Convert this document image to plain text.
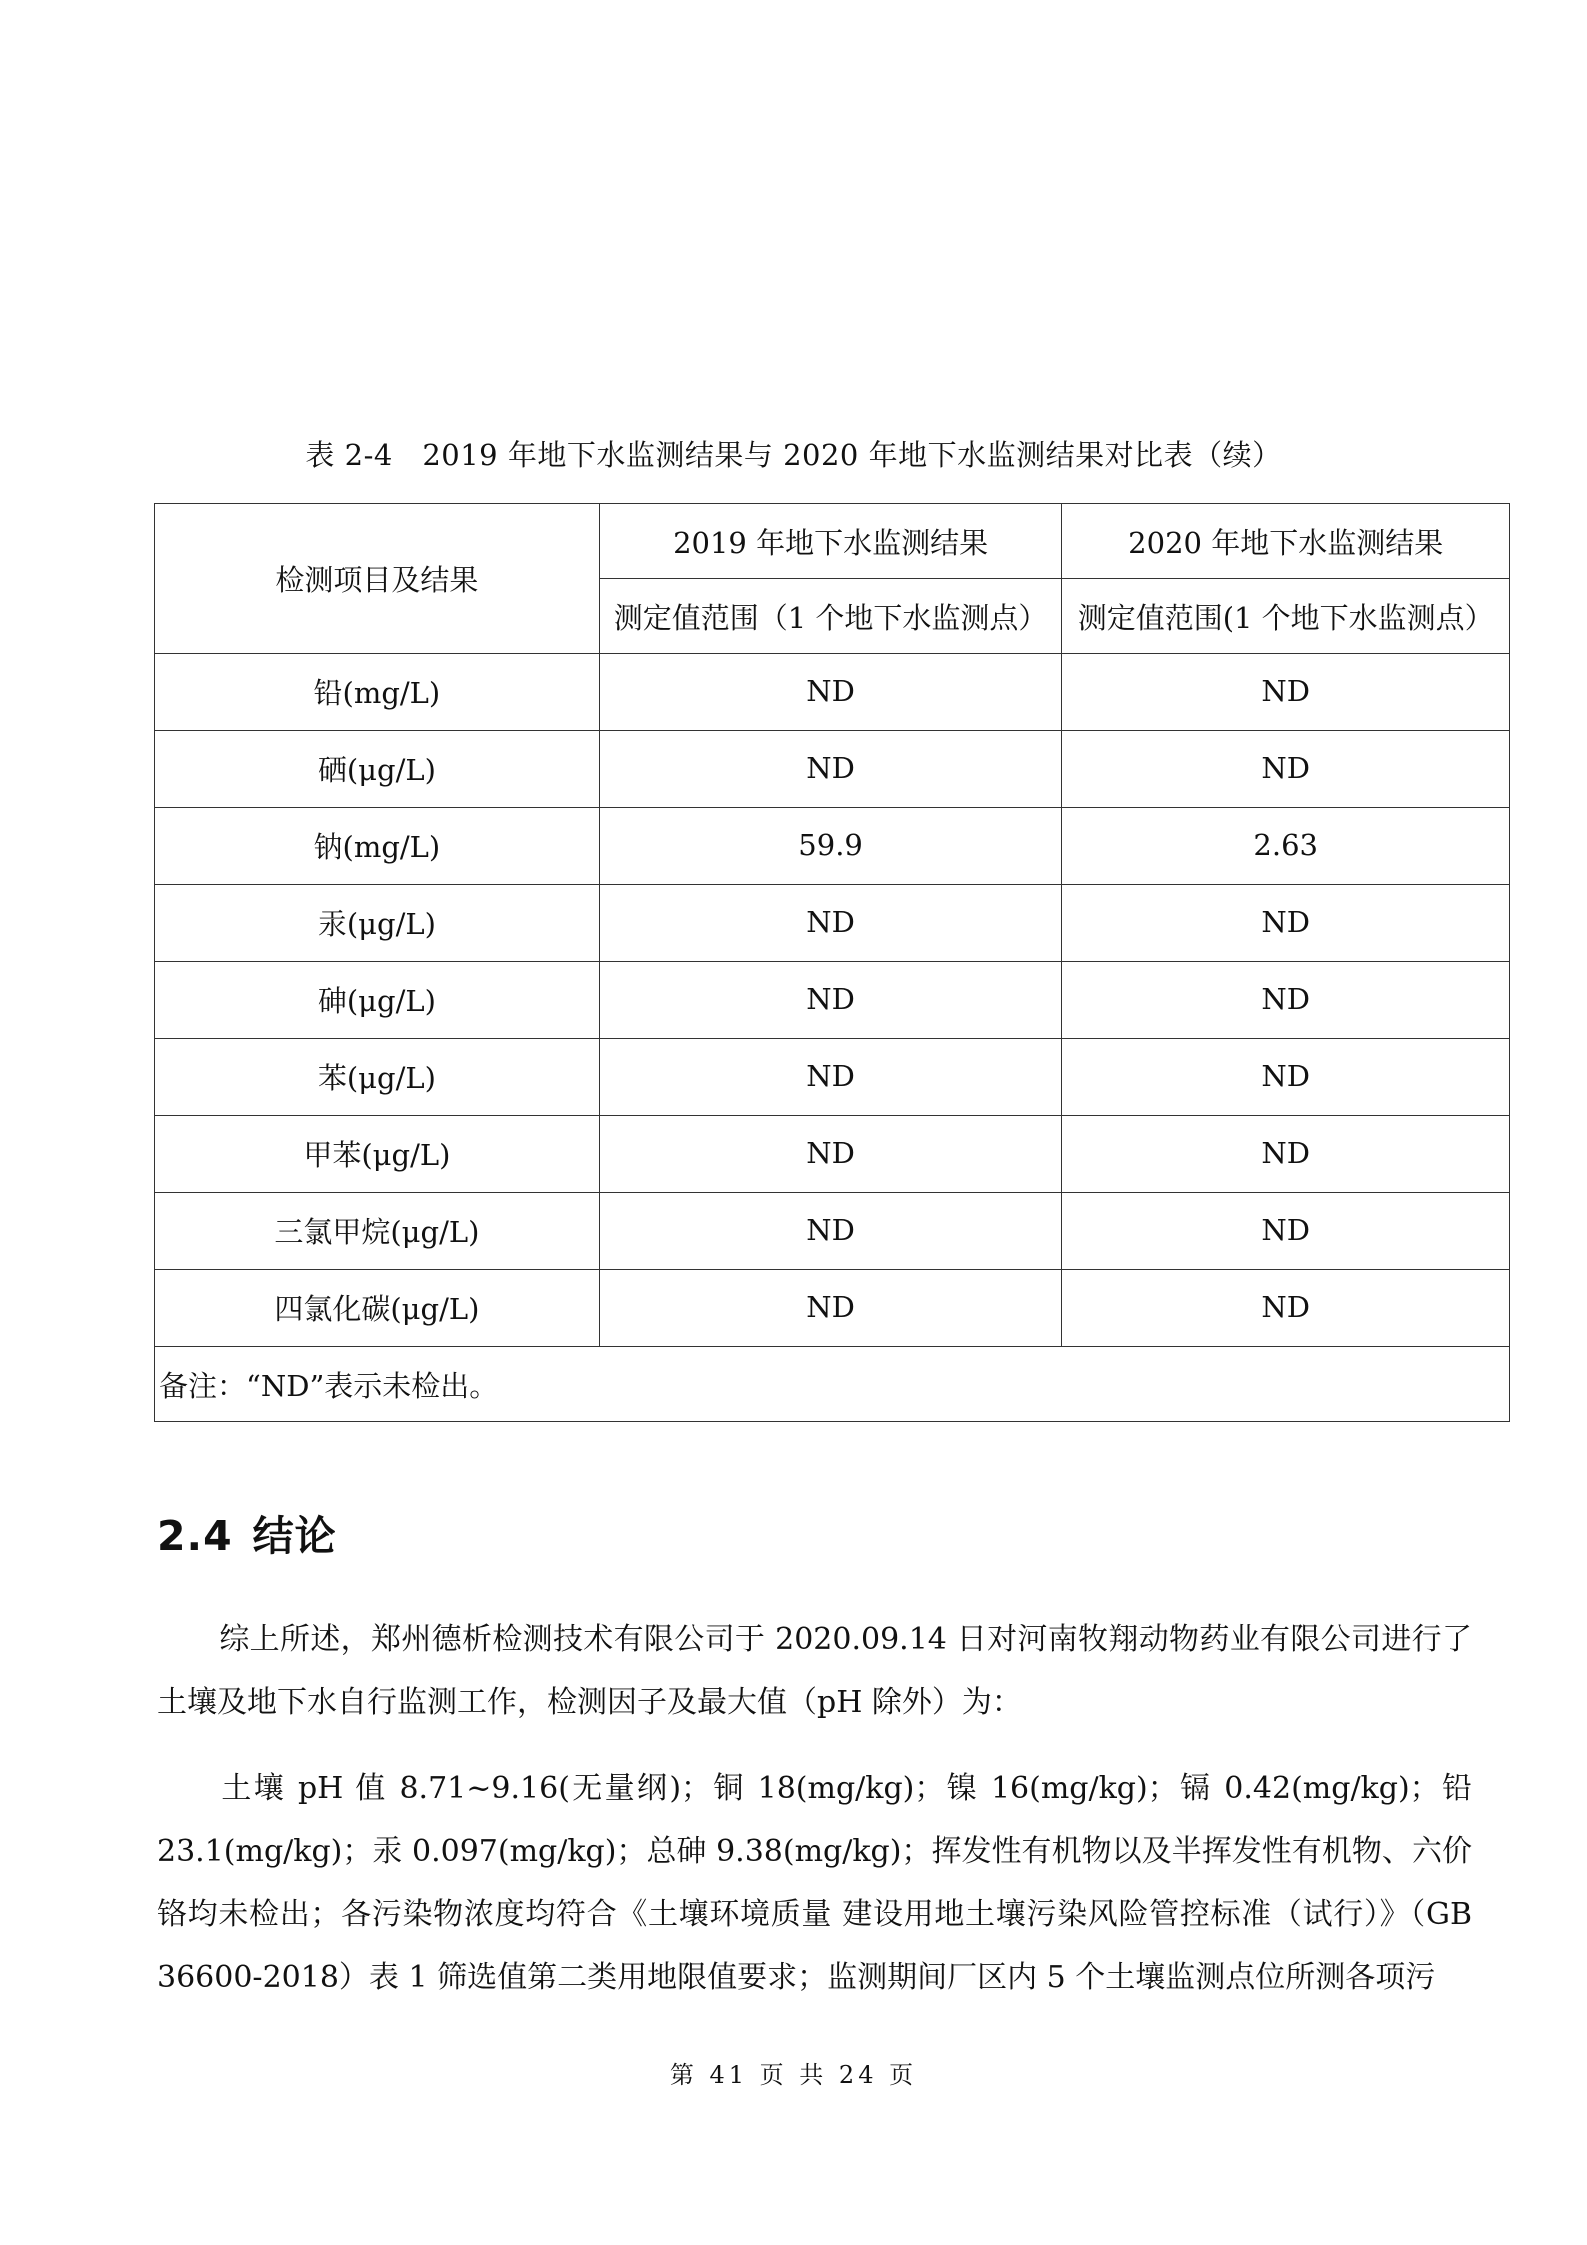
表 2-4　2019 年地下水监测结果与 2020 年地下水监测结果对比表（续）
检测项目及结果	2019 年地下水监测结果	2020 年地下水监测结果
	测定值范围（1 个地下水监测点）	测定值范围(1 个地下水监测点）
铅(mg/L)	ND	ND
硒(μg/L)	ND	ND
钠(mg/L)	59.9	2.63
汞(μg/L)	ND	ND
砷(μg/L)	ND	ND
苯(μg/L)	ND	ND
甲苯(μg/L)	ND	ND
三氯甲烷(μg/L)	ND	ND
四氯化碳(μg/L)	ND	ND
备注：“ND”表示未检出。		
2.4 结论
综上所述，郑州德析检测技术有限公司于 2020.09.14 日对河南牧翔动物药业有限公司进行了土壤及地下水自行监测工作，检测因子及最大值（pH 除外）为：
土壤 pH 值 8.71~9.16(无量纲)；铜 18(mg/kg)；镍 16(mg/kg)；镉 0.42(mg/kg)；铅 23.1(mg/kg)；汞 0.097(mg/kg)；总砷 9.38(mg/kg)；挥发性有机物以及半挥发性有机物、六价铬均未检出；各污染物浓度均符合《土壤环境质量 建设用地土壤污染风险管控标准（试行）》（GB 36600-2018）表 1 筛选值第二类用地限值要求；监测期间厂区内 5 个土壤监测点位所测各项污
第 41 页 共 24 页
